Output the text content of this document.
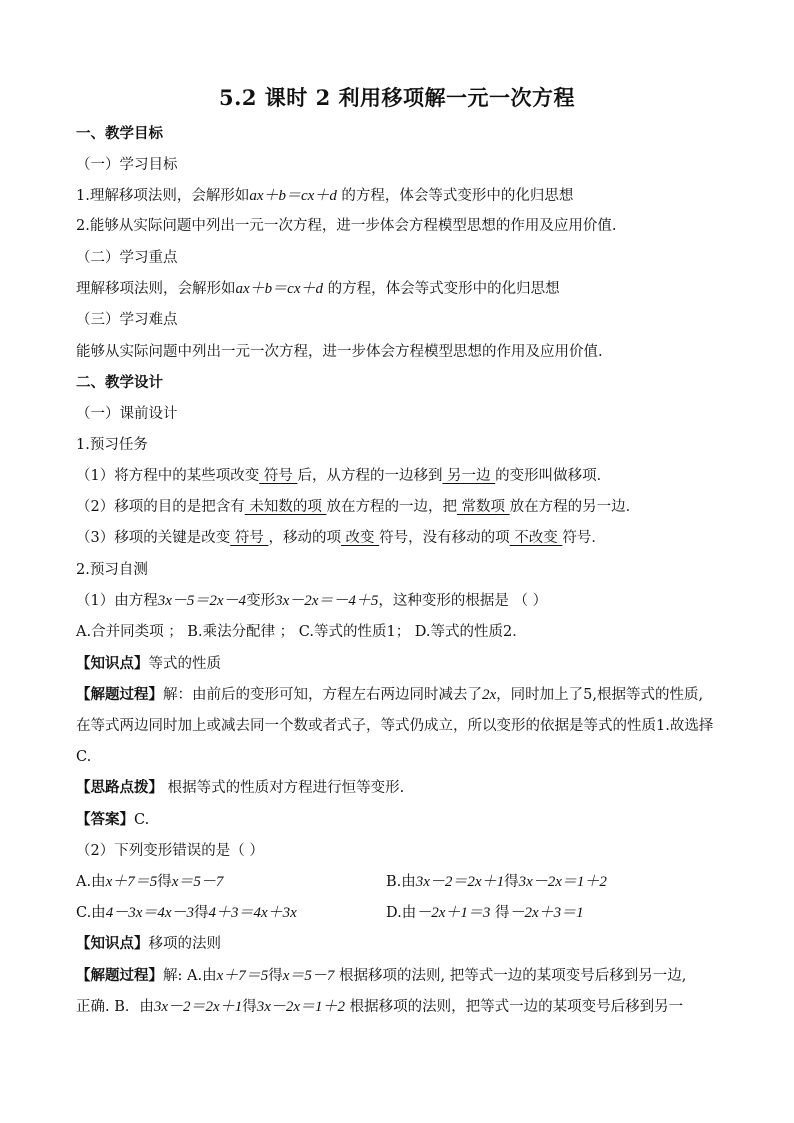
5.2 课时 2 利用移项解一元一次方程
一、教学目标
（一）学习目标
1.理解移项法则，会解形如ax＋b＝cx＋d 的方程，体会等式变形中的化归思想
2.能够从实际问题中列出一元一次方程，进一步体会方程模型思想的作用及应用价值.
（二）学习重点
理解移项法则，会解形如ax＋b＝cx＋d 的方程，体会等式变形中的化归思想
（三）学习难点
能够从实际问题中列出一元一次方程，进一步体会方程模型思想的作用及应用价值.
二、教学设计
（一）课前设计
1.预习任务
（1）将方程中的某些项改变 符号 后，从方程的一边移到 另一边 的变形叫做移项．
（2）移项的目的是把含有 未知数的项 放在方程的一边，把 常数项 放在方程的另一边．
（3）移项的关键是改变 符号 ，移动的项 改变 符号，没有移动的项 不改变 符号．
2.预习自测
（1）由方程3x－5＝2x－4变形3x－2x＝－4＋5，这种变形的根据是 （ ）
A.合并同类项 ； B.乘法分配律 ； C.等式的性质1； D.等式的性质2．
【知识点】等式的性质
【解题过程】解：由前后的变形可知，方程左右两边同时减去了2x，同时加上了5,根据等式的性质,
在等式两边同时加上或减去同一个数或者式子，等式仍成立，所以变形的依据是等式的性质1.故选择
C.
【思路点拨】 根据等式的性质对方程进行恒等变形.
【答案】C.
（2）下列变形错误的是（ ）
A.由x＋7＝5得x＝5－7	B.由3x－2＝2x＋1得3x－2x＝1＋2
C.由4－3x＝4x－3得4＋3＝4x＋3x	D.由－2x＋1＝3 得－2x＋3＝1
【知识点】移项的法则
【解题过程】解: A.由x＋7＝5得x＝5－7 根据移项的法则, 把等式一边的某项变号后移到另一边,
正确. B．由3x－2＝2x＋1得3x－2x＝1＋2 根据移项的法则，把等式一边的某项变号后移到另一
